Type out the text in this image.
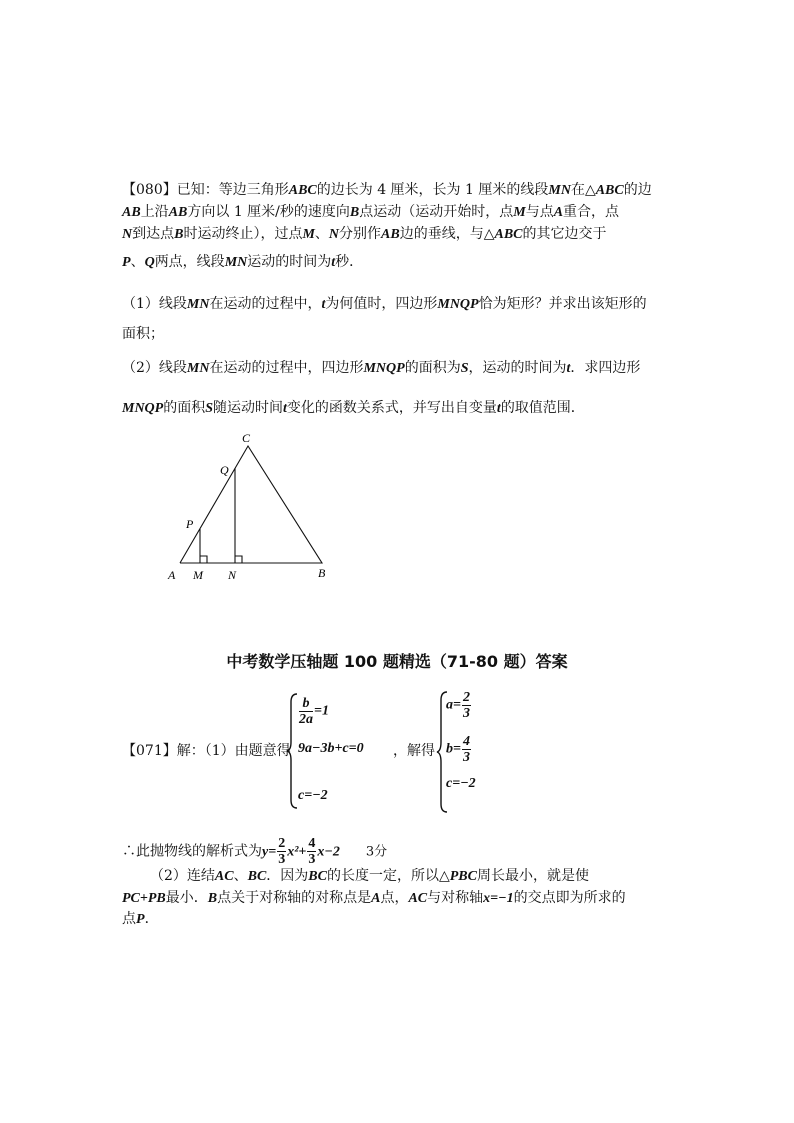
【080】已知：等边三角形ABC的边长为 4 厘米，长为 1 厘米的线段MN在△ABC的边
AB上沿AB方向以 1 厘米/秒的速度向B点运动（运动开始时，点M与点A重合，点
N到达点B时运动终止），过点M、N分别作AB边的垂线，与△ABC的其它边交于
P、Q两点，线段MN运动的时间为t秒．
（1）线段MN在运动的过程中，t为何值时，四边形MNQP恰为矩形？并求出该矩形的
面积；
（2）线段MN在运动的过程中，四边形MNQP的面积为S，运动的时间为t．求四边形
MNQP的面积S随运动时间t变化的函数关系式，并写出自变量t的取值范围．
A M N	B
P
Q
C
中考数学压轴题 100 题精选（71-80 题）答案
【071】解：（1）由题意得
$\frac{b}{2a} =1$
9a−3b+c=0
c=−2
，解得
$a= \frac{2}{3}$
$b= \frac{4}{3}$
c=−2
∴此抛物线的解析式为$y= \frac{2}{3} x^2+ \frac{4}{3} x-2$ 3分
（2）连结AC、BC．因为BC的长度一定，所以△PBC周长最小，就是使
PC+PB最小．B点关于对称轴的对称点是A点，AC与对称轴x=−1的交点即为所求的
点P．
